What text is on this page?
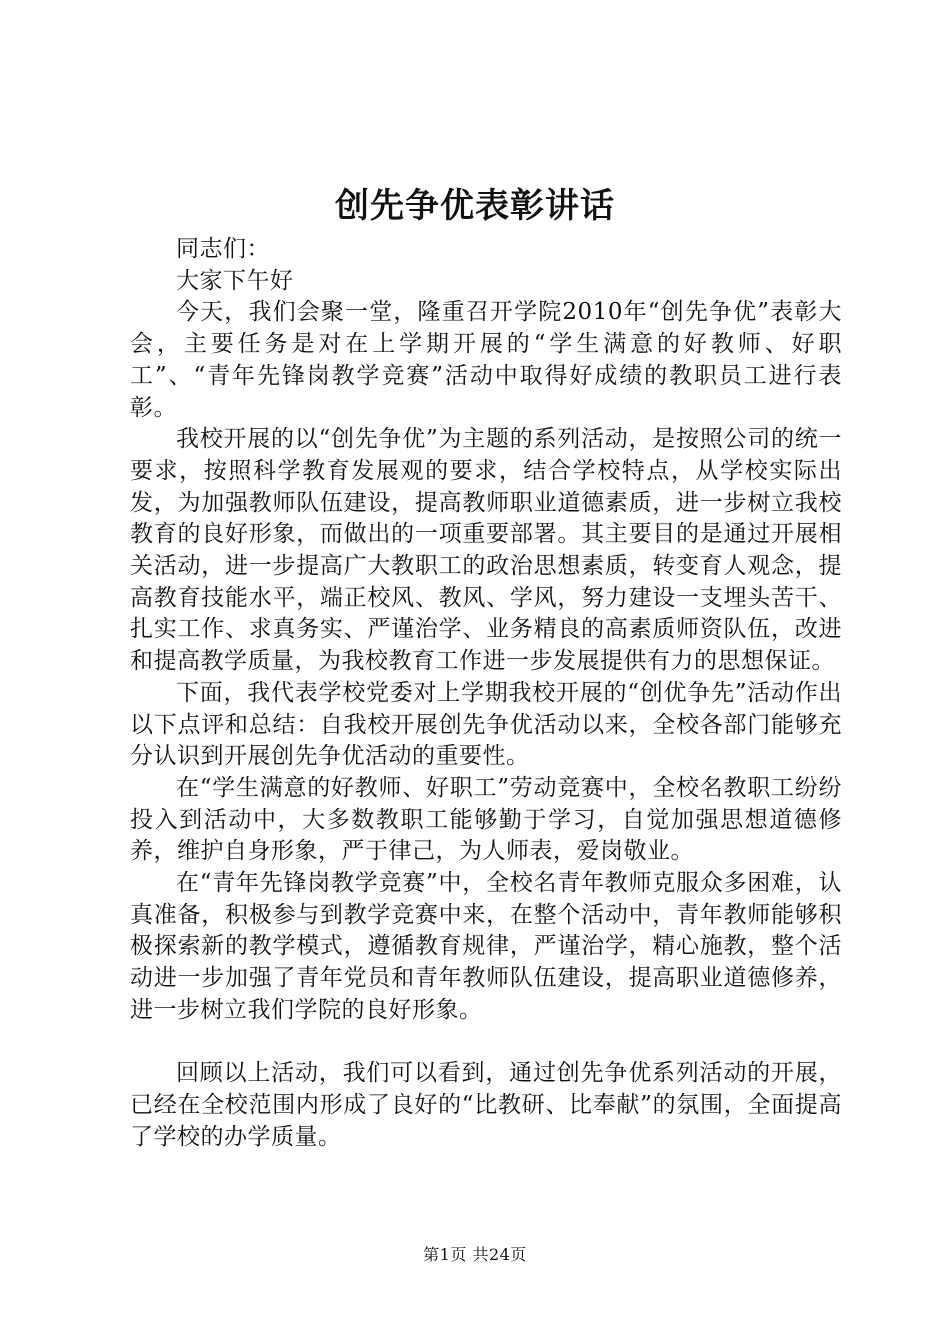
创先争优表彰讲话

同志们：

大家下午好

今天，我们会聚一堂，隆重召开学院2010年“创先争优”表彰大会，主要任务是对在上学期开展的“学生满意的好教师、好职工”、“青年先锋岗教学竞赛”活动中取得好成绩的教职员工进行表彰。

我校开展的以“创先争优”为主题的系列活动，是按照公司的统一要求，按照科学教育发展观的要求，结合学校特点，从学校实际出发，为加强教师队伍建设，提高教师职业道德素质，进一步树立我校教育的良好形象，而做出的一项重要部署。其主要目的是通过开展相关活动，进一步提高广大教职工的政治思想素质，转变育人观念，提高教育技能水平，端正校风、教风、学风，努力建设一支埋头苦干、扎实工作、求真务实、严谨治学、业务精良的高素质师资队伍，改进和提高教学质量，为我校教育工作进一步发展提供有力的思想保证。

下面，我代表学校党委对上学期我校开展的“创优争先”活动作出以下点评和总结：自我校开展创先争优活动以来，全校各部门能够充分认识到开展创先争优活动的重要性。

在“学生满意的好教师、好职工”劳动竞赛中，全校名教职工纷纷投入到活动中，大多数教职工能够勤于学习，自觉加强思想道德修养，维护自身形象，严于律己，为人师表，爱岗敬业。

在“青年先锋岗教学竞赛”中，全校名青年教师克服众多困难，认真准备，积极参与到教学竞赛中来，在整个活动中，青年教师能够积极探索新的教学模式，遵循教育规律，严谨治学，精心施教，整个活动进一步加强了青年党员和青年教师队伍建设，提高职业道德修养，进一步树立我们学院的良好形象。

回顾以上活动，我们可以看到，通过创先争优系列活动的开展，已经在全校范围内形成了良好的“比教研、比奉献”的氛围，全面提高了学校的办学质量。

第1页 共24页
